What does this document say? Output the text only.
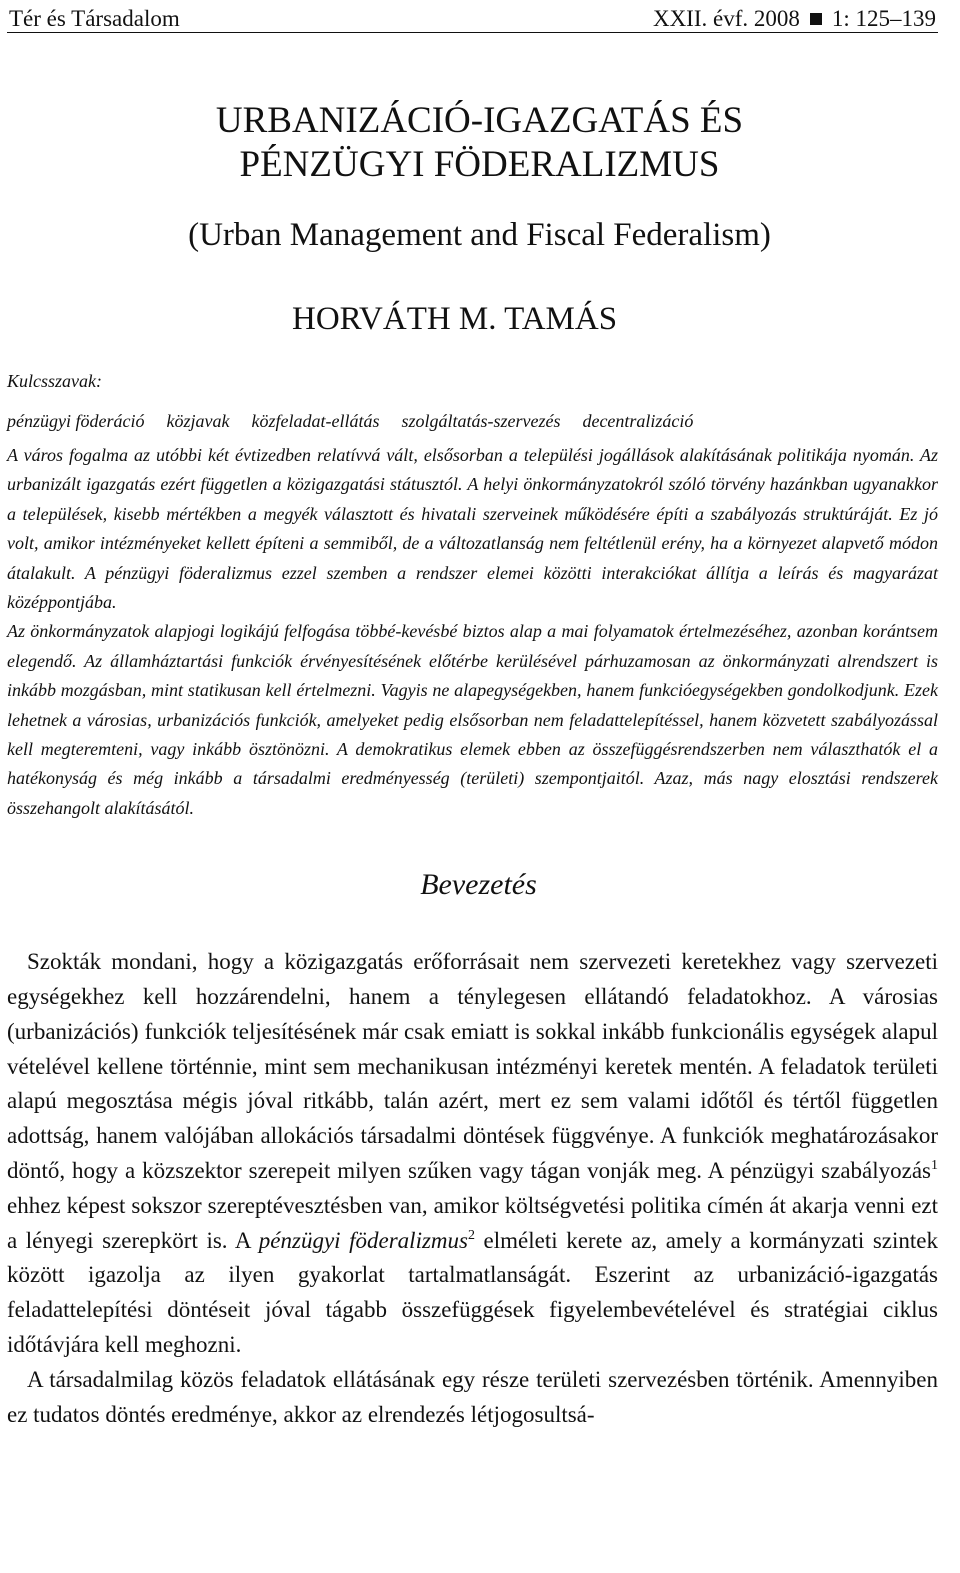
Tér és Társadalom	XXII. évf. 2008 1: 125–139
URBANIZÁCIÓ-IGAZGATÁS ÉS
PÉNZÜGYI FÖDERALIZMUS
(Urban Management and Fiscal Federalism)
HORVÁTH M. TAMÁS
Kulcsszavak:
pénzügyi föderáció közjavak közfeladat-ellátás szolgáltatás-szervezés decentralizáció

A város fogalma az utóbbi két évtizedben relatívvá vált, elsősorban a települési jogállások alakításának politikája nyomán. Az urbanizált igazgatás ezért független a közigazgatási státusztól. A helyi önkormányzatokról szóló törvény hazánkban ugyanakkor a települések, kisebb mértékben a megyék választott és hivatali szerveinek működésére építi a szabályozás struktúráját. Ez jó volt, amikor intézményeket kellett építeni a semmiből, de a változatlanság nem feltétlenül erény, ha a környezet alapvető módon átalakult. A pénzügyi föderalizmus ezzel szemben a rendszer elemei közötti interakciókat állítja a leírás és magyarázat középpontjába.

Az önkormányzatok alapjogi logikájú felfogása többé-kevésbé biztos alap a mai folyamatok értelmezéséhez, azonban korántsem elegendő. Az államháztartási funkciók érvényesítésének előtérbe kerülésével párhuzamosan az önkormányzati alrendszert is inkább mozgásban, mint statikusan kell értelmezni. Vagyis ne alapegységekben, hanem funkcióegységekben gondolkodjunk. Ezek lehetnek a városias, urbanizációs funkciók, amelyeket pedig elsősorban nem feladattelepítéssel, hanem közvetett szabályozással kell megteremteni, vagy inkább ösztönözni. A demokratikus elemek ebben az összefüggésrendszerben nem választhatók el a hatékonyság és még inkább a társadalmi eredményesség (területi) szempontjaitól. Azaz, más nagy elosztási rendszerek összehangolt alakításától.

Bevezetés

Szokták mondani, hogy a közigazgatás erőforrásait nem szervezeti keretekhez vagy szervezeti egységekhez kell hozzárendelni, hanem a ténylegesen ellátandó feladatokhoz. A városias (urbanizációs) funkciók teljesítésének már csak emiatt is sokkal inkább funkcionális egységek alapul vételével kellene történnie, mint sem mechanikusan intézményi keretek mentén. A feladatok területi alapú megosztása mégis jóval ritkább, talán azért, mert ez sem valami időtől és tértől független adottság, hanem valójában allokációs társadalmi döntések függvénye. A funkciók meghatározásakor döntő, hogy a közszektor szerepeit milyen szűken vagy tágan vonják meg. A pénzügyi szabályozás$^1$ ehhez képest sokszor szereptévesztésben van, amikor költségvetési politika címén át akarja venni ezt a lényegi szerepkört is. A pénzügyi föderalizmus$^2$ elméleti kerete az, amely a kormányzati szintek között igazolja az ilyen gyakorlat tartalmatlanságát. Eszerint az urbanizáció-igazgatás feladattelepítési döntéseit jóval tágabb összefüggések figyelembevételével és stratégiai ciklus időtávjára kell meghozni.

A társadalmilag közös feladatok ellátásának egy része területi szervezésben történik. Amennyiben ez tudatos döntés eredménye, akkor az elrendezés létjogosultsá-
